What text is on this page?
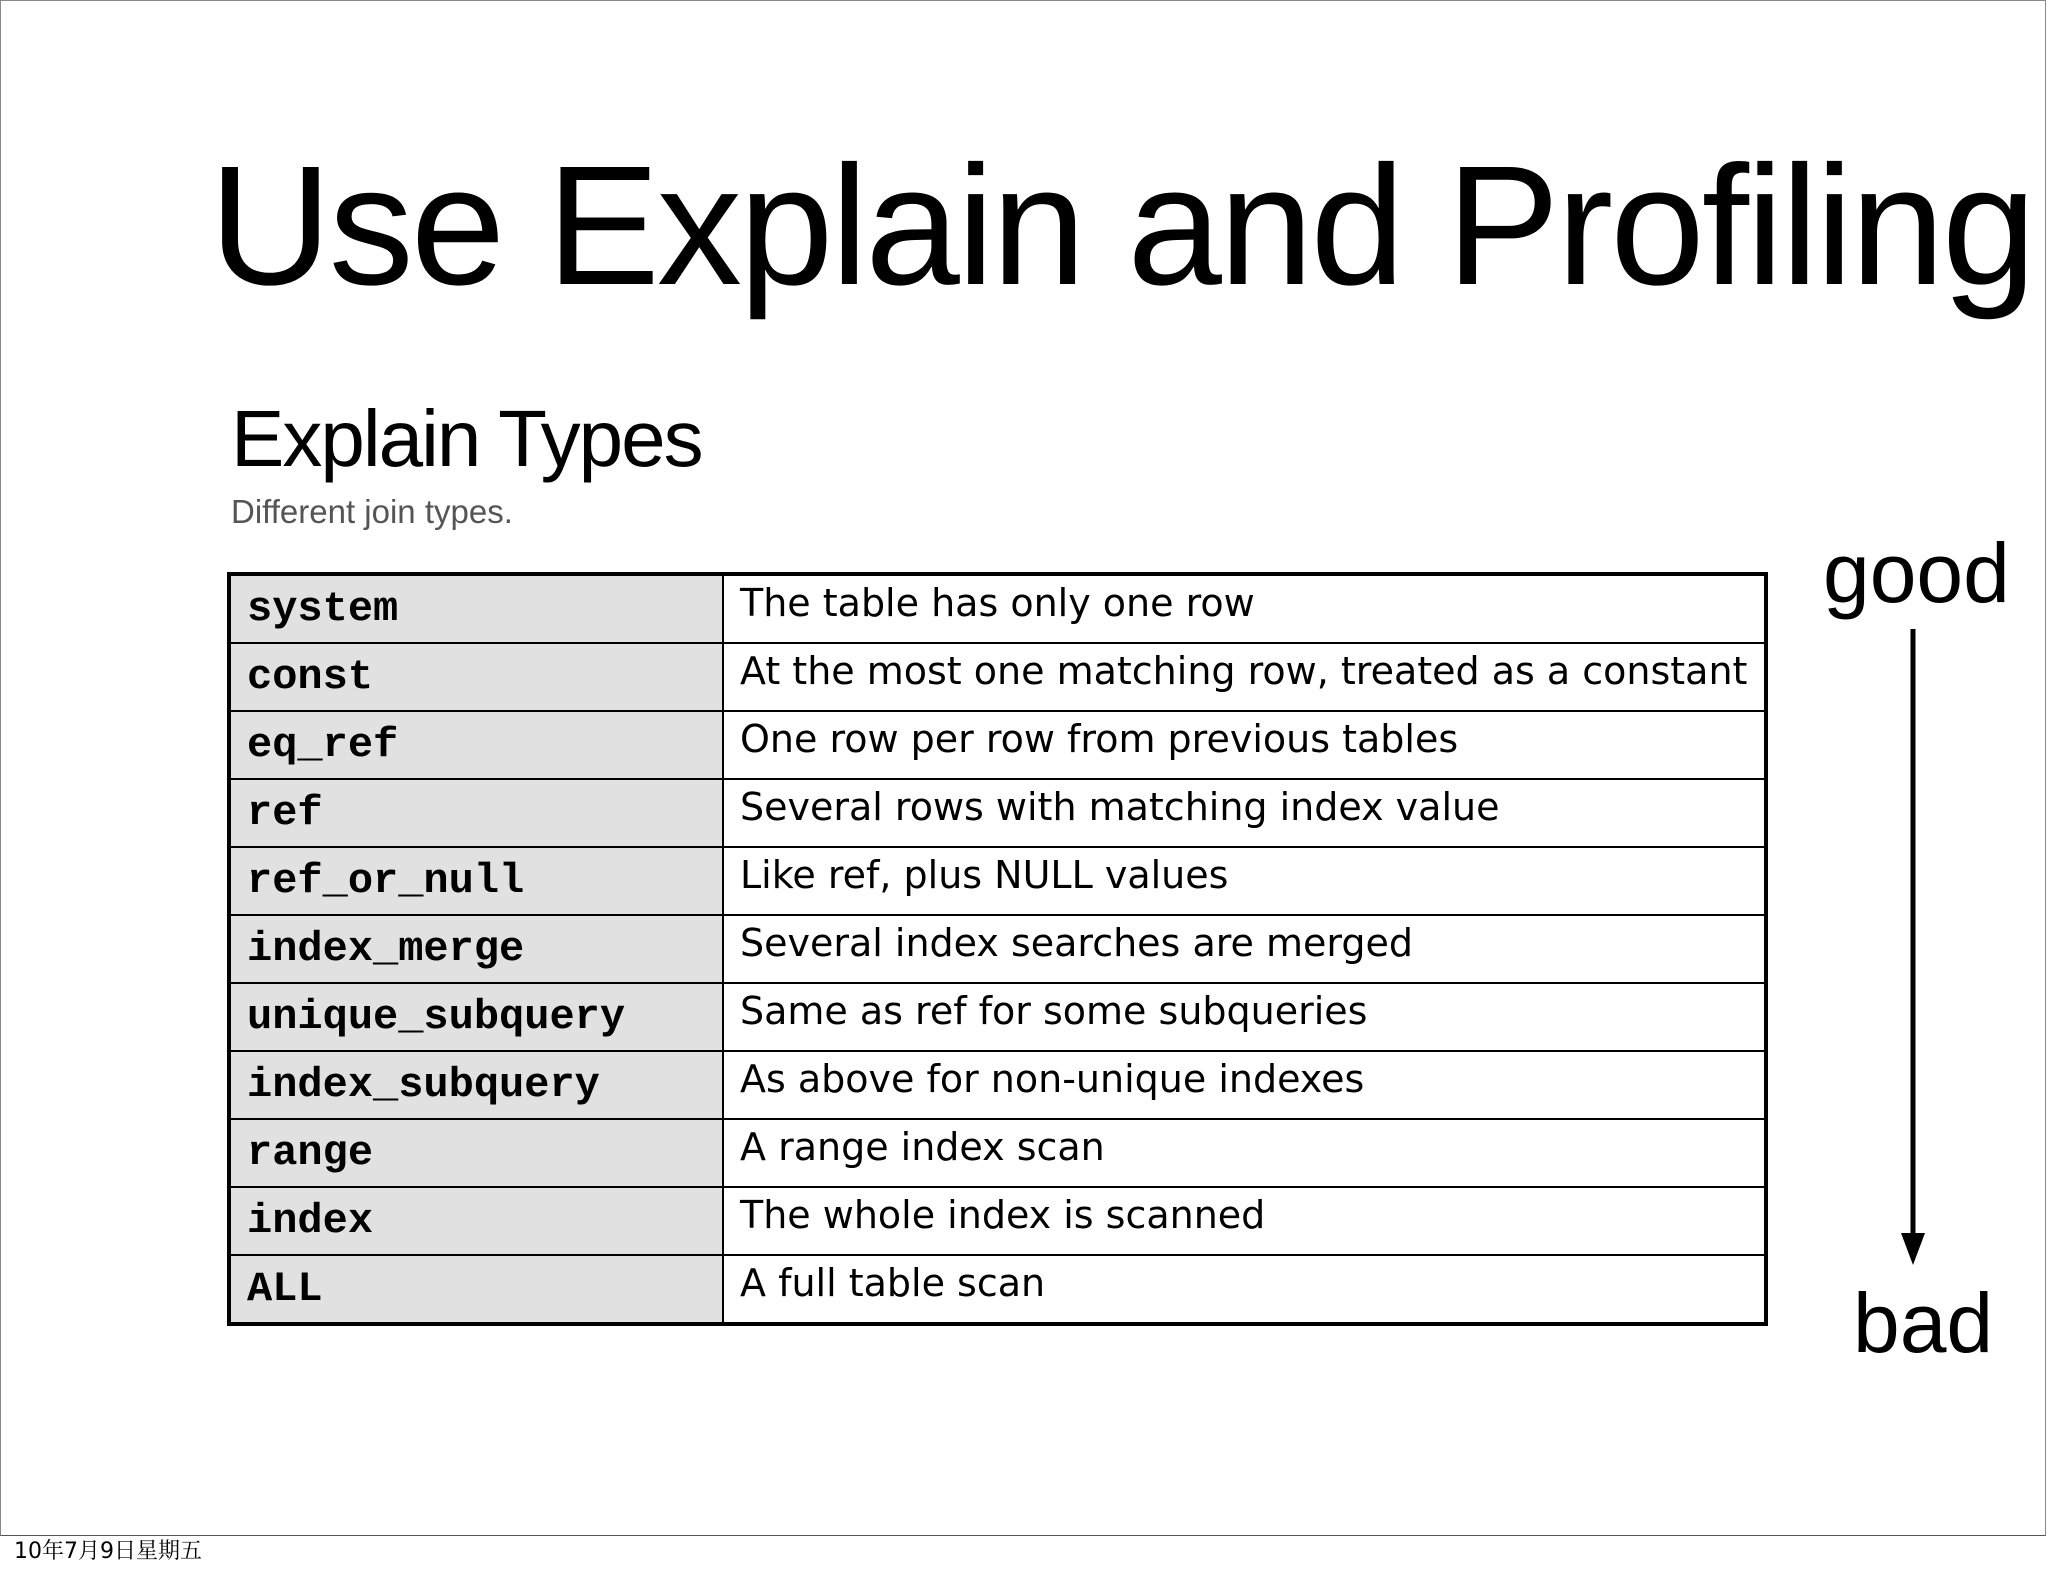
Use Explain and Profiling
Explain Types
Different join types.
system	The table has only one row
const	At the most one matching row, treated as a constant
eq_ref	One row per row from previous tables
ref	Several rows with matching index value
ref_or_null	Like ref, plus NULL values
index_merge	Several index searches are merged
unique_subquery	Same as ref for some subqueries
index_subquery	As above for non-unique indexes
range	A range index scan
index	The whole index is scanned
ALL	A full table scan
good
bad
10年7月9日星期五
